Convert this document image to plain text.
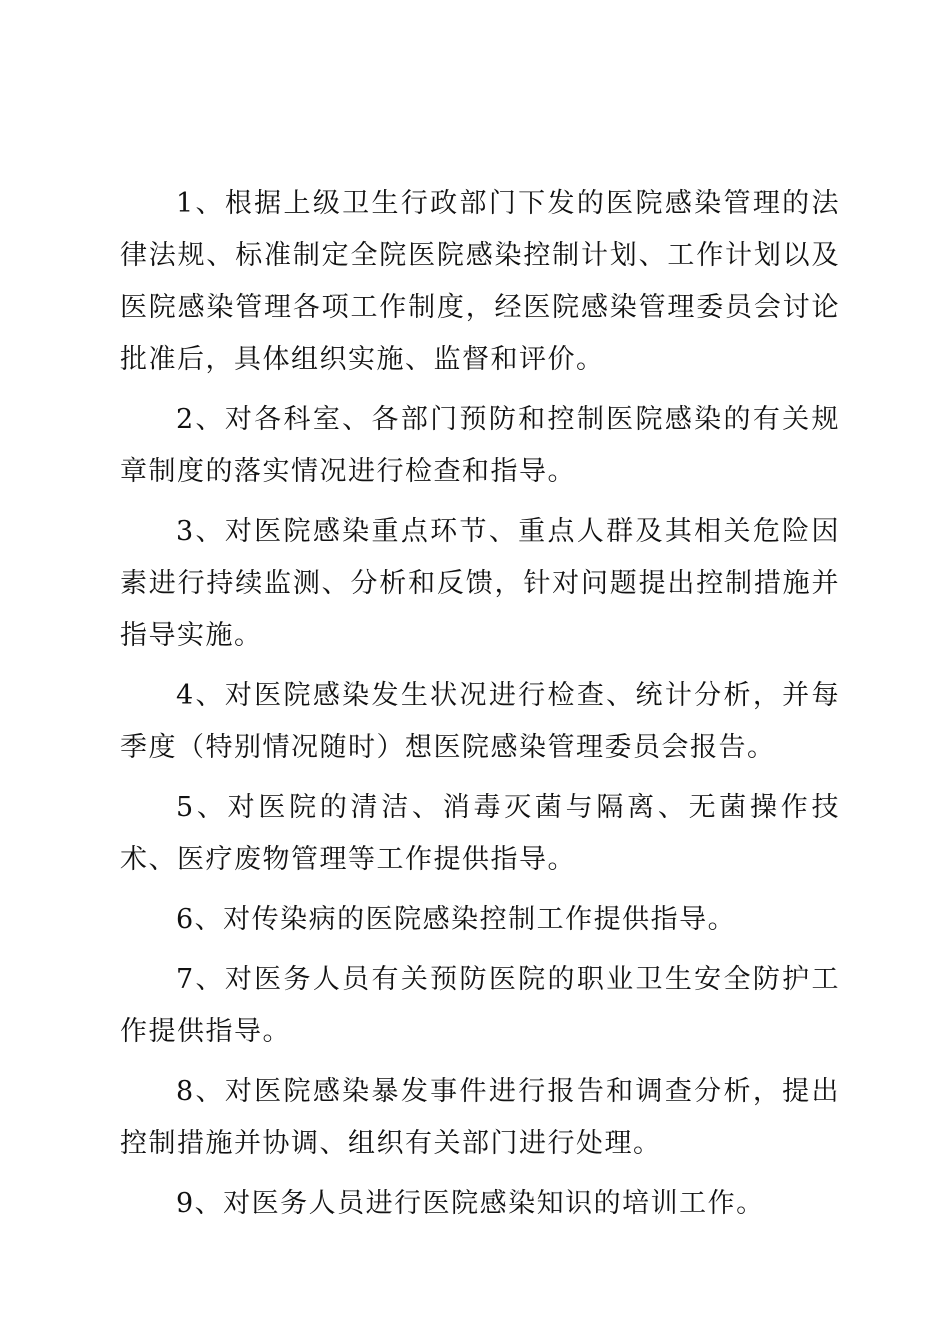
1、根据上级卫生行政部门下发的医院感染管理的法律法规、标准制定全院医院感染控制计划、工作计划以及医院感染管理各项工作制度，经医院感染管理委员会讨论批准后，具体组织实施、监督和评价。

2、对各科室、各部门预防和控制医院感染的有关规章制度的落实情况进行检查和指导。

3、对医院感染重点环节、重点人群及其相关危险因素进行持续监测、分析和反馈，针对问题提出控制措施并指导实施。

4、对医院感染发生状况进行检查、统计分析，并每季度（特别情况随时）想医院感染管理委员会报告。

5、对医院的清洁、消毒灭菌与隔离、无菌操作技术、医疗废物管理等工作提供指导。

6、对传染病的医院感染控制工作提供指导。

7、对医务人员有关预防医院的职业卫生安全防护工作提供指导。

8、对医院感染暴发事件进行报告和调查分析，提出控制措施并协调、组织有关部门进行处理。

9、对医务人员进行医院感染知识的培训工作。
